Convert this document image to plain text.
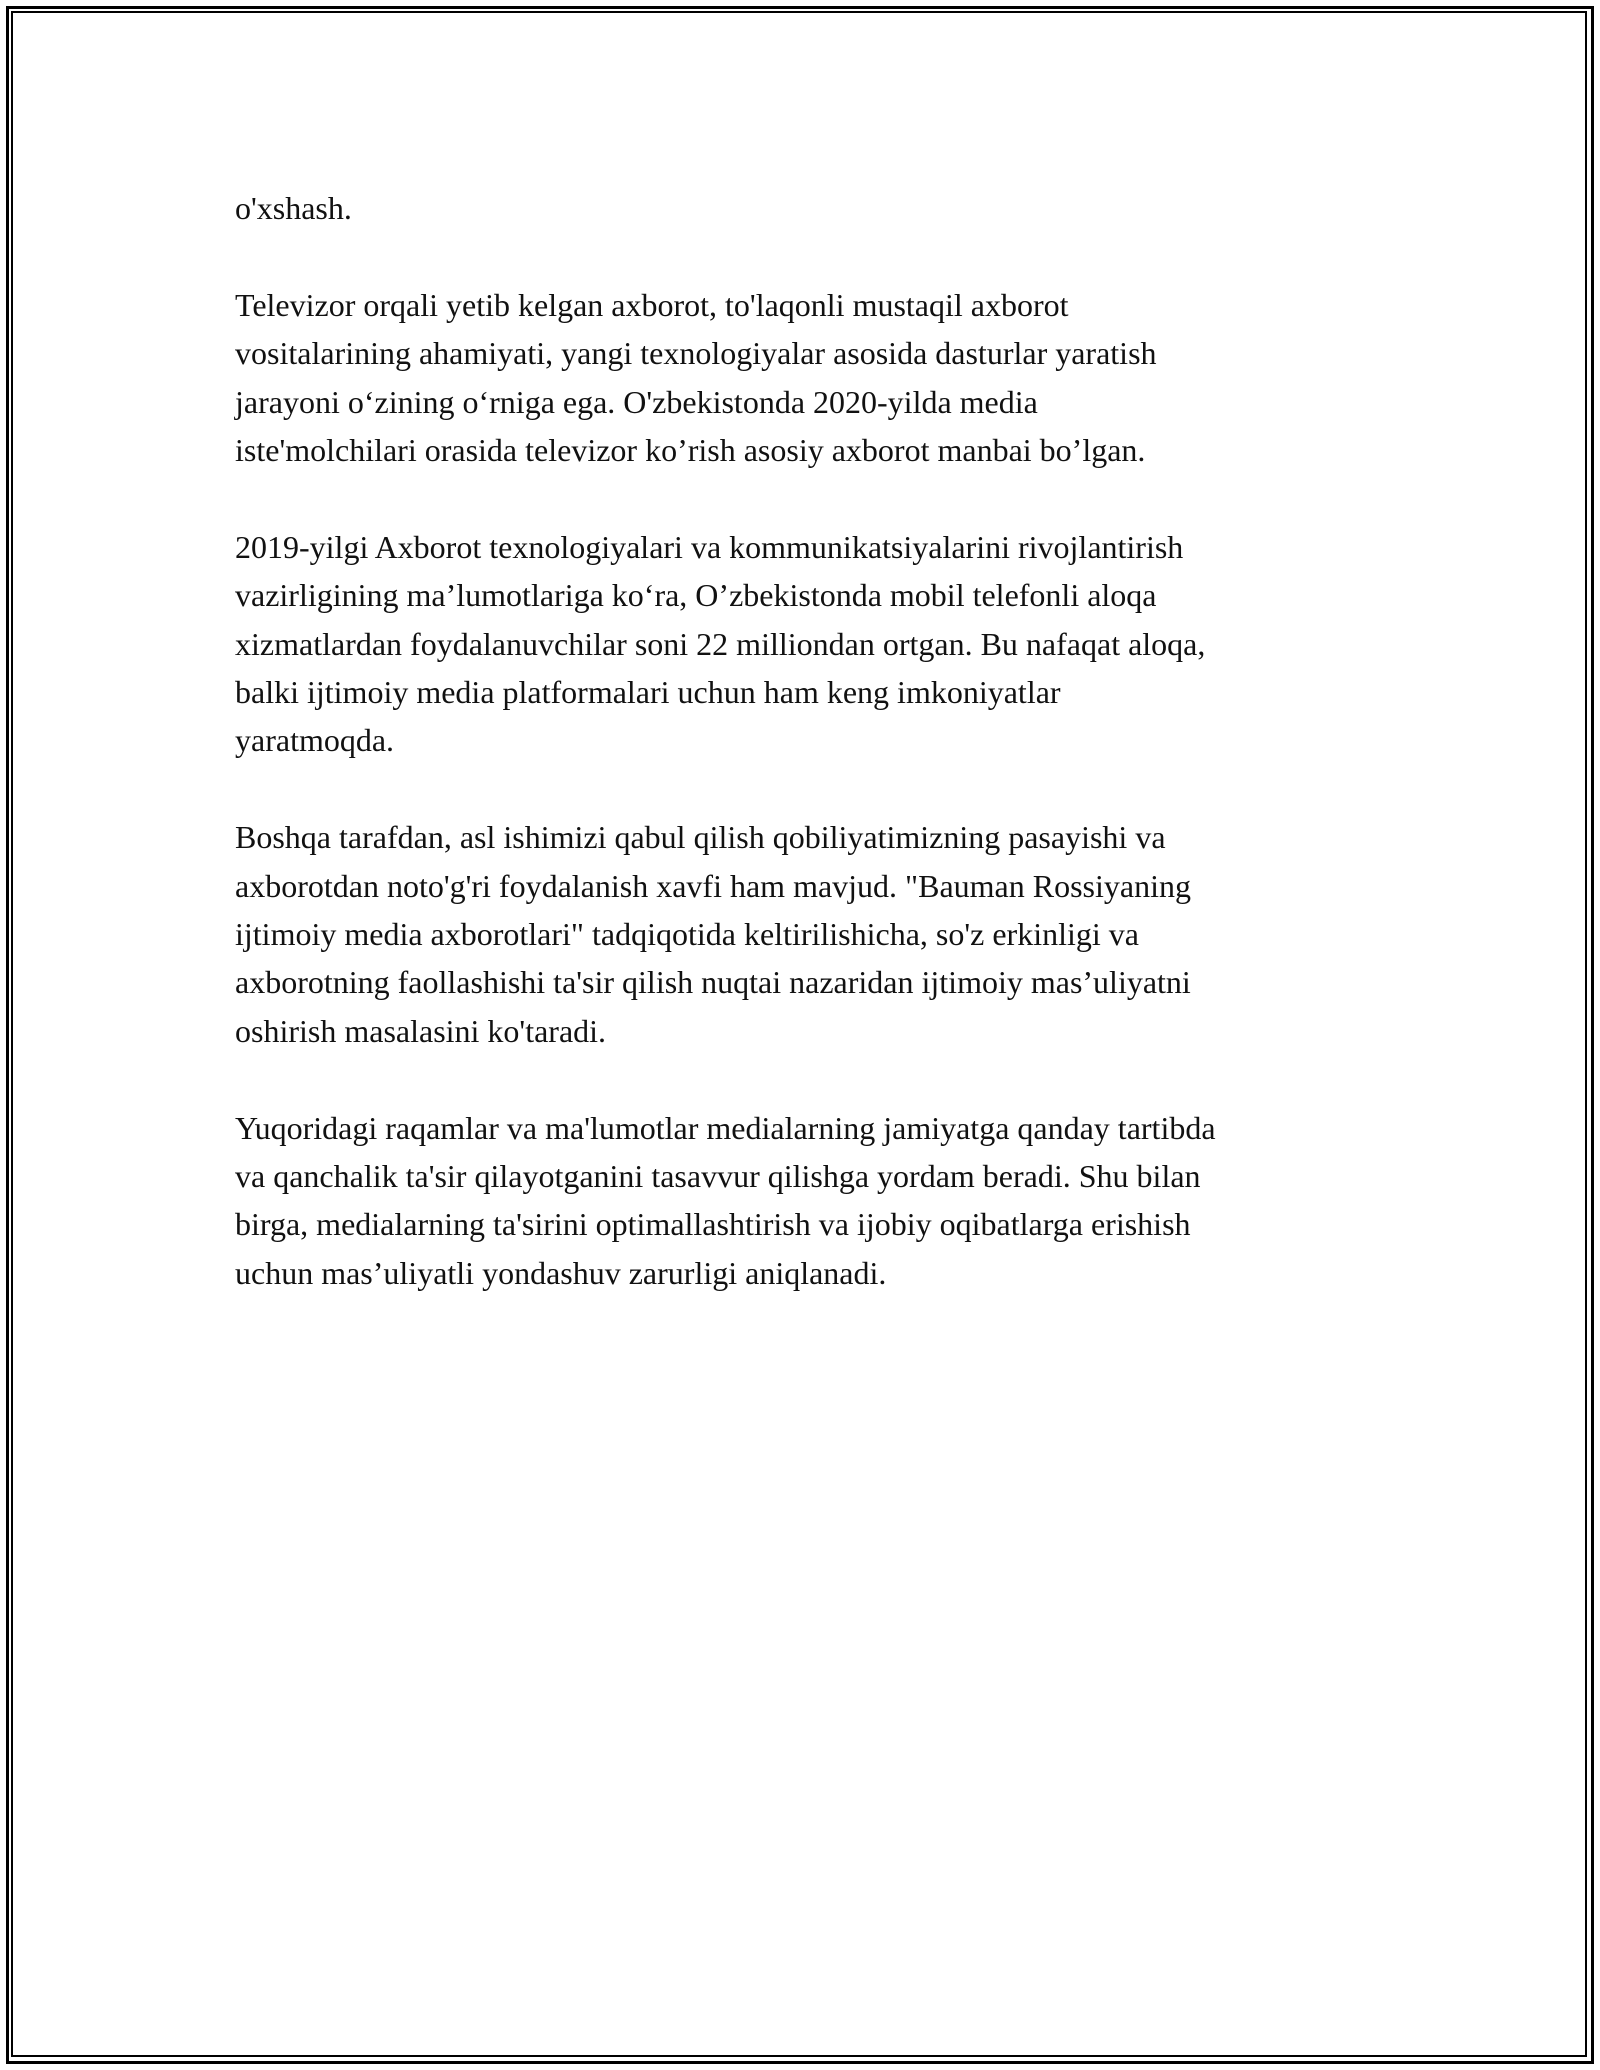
o'xshash.

Televizor orqali yetib kelgan axborot, to'laqonli mustaqil axborot
vositalarining ahamiyati, yangi texnologiyalar asosida dasturlar yaratish
jarayoni o‘zining o‘rniga ega. O'zbekistonda 2020-yilda media
iste'molchilari orasida televizor ko’rish asosiy axborot manbai bo’lgan.

2019-yilgi Axborot texnologiyalari va kommunikatsiyalarini rivojlantirish
vazirligining ma’lumotlariga ko‘ra, O’zbekistonda mobil telefonli aloqa
xizmatlardan foydalanuvchilar soni 22 milliondan ortgan. Bu nafaqat aloqa,
balki ijtimoiy media platformalari uchun ham keng imkoniyatlar
yaratmoqda.

Boshqa tarafdan, asl ishimizi qabul qilish qobiliyatimizning pasayishi va
axborotdan noto'g'ri foydalanish xavfi ham mavjud. "Bauman Rossiyaning
ijtimoiy media axborotlari" tadqiqotida keltirilishicha, so'z erkinligi va
axborotning faollashishi ta'sir qilish nuqtai nazaridan ijtimoiy mas’uliyatni
oshirish masalasini ko'taradi.

Yuqoridagi raqamlar va ma'lumotlar medialarning jamiyatga qanday tartibda
va qanchalik ta'sir qilayotganini tasavvur qilishga yordam beradi. Shu bilan
birga, medialarning ta'sirini optimallashtirish va ijobiy oqibatlarga erishish
uchun mas’uliyatli yondashuv zarurligi aniqlanadi.
